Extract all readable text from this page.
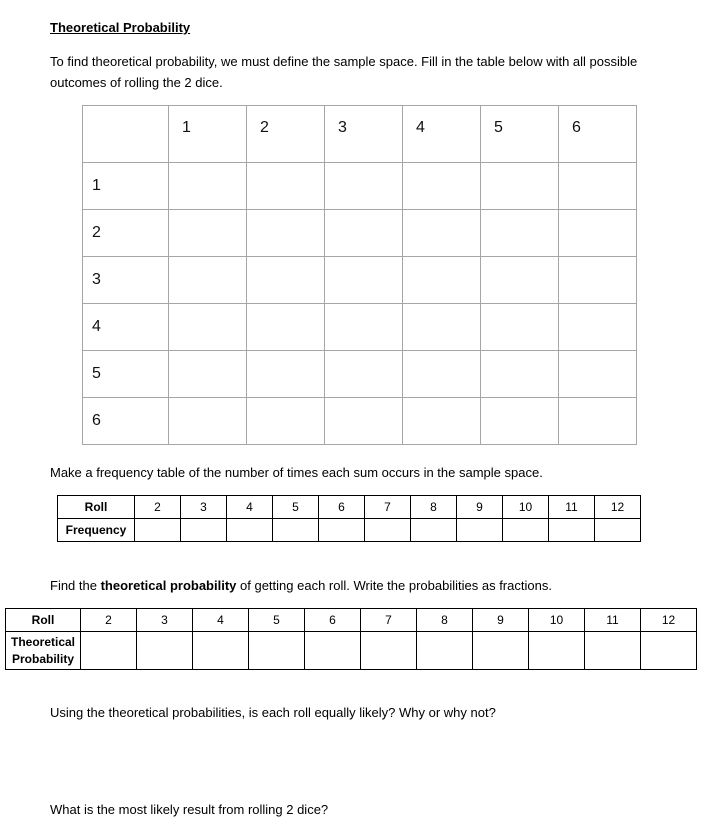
Theoretical Probability

To find theoretical probability, we must define the sample space. Fill in the table below with all possible outcomes of rolling the 2 dice.

	1	2	3	4	5	6

1						
2						
3						
4						
5						
6						

Make a frequency table of the number of times each sum occurs in the sample space.

Roll	2	3	4	5	6	7	8	9	10	11	12
Frequency											

Find the theoretical probability of getting each roll. Write the probabilities as fractions.

Roll	2	3	4	5	6	7	8	9	10	11	12
Theoretical
Probability											

Using the theoretical probabilities, is each roll equally likely? Why or why not?

What is the most likely result from rolling 2 dice?
